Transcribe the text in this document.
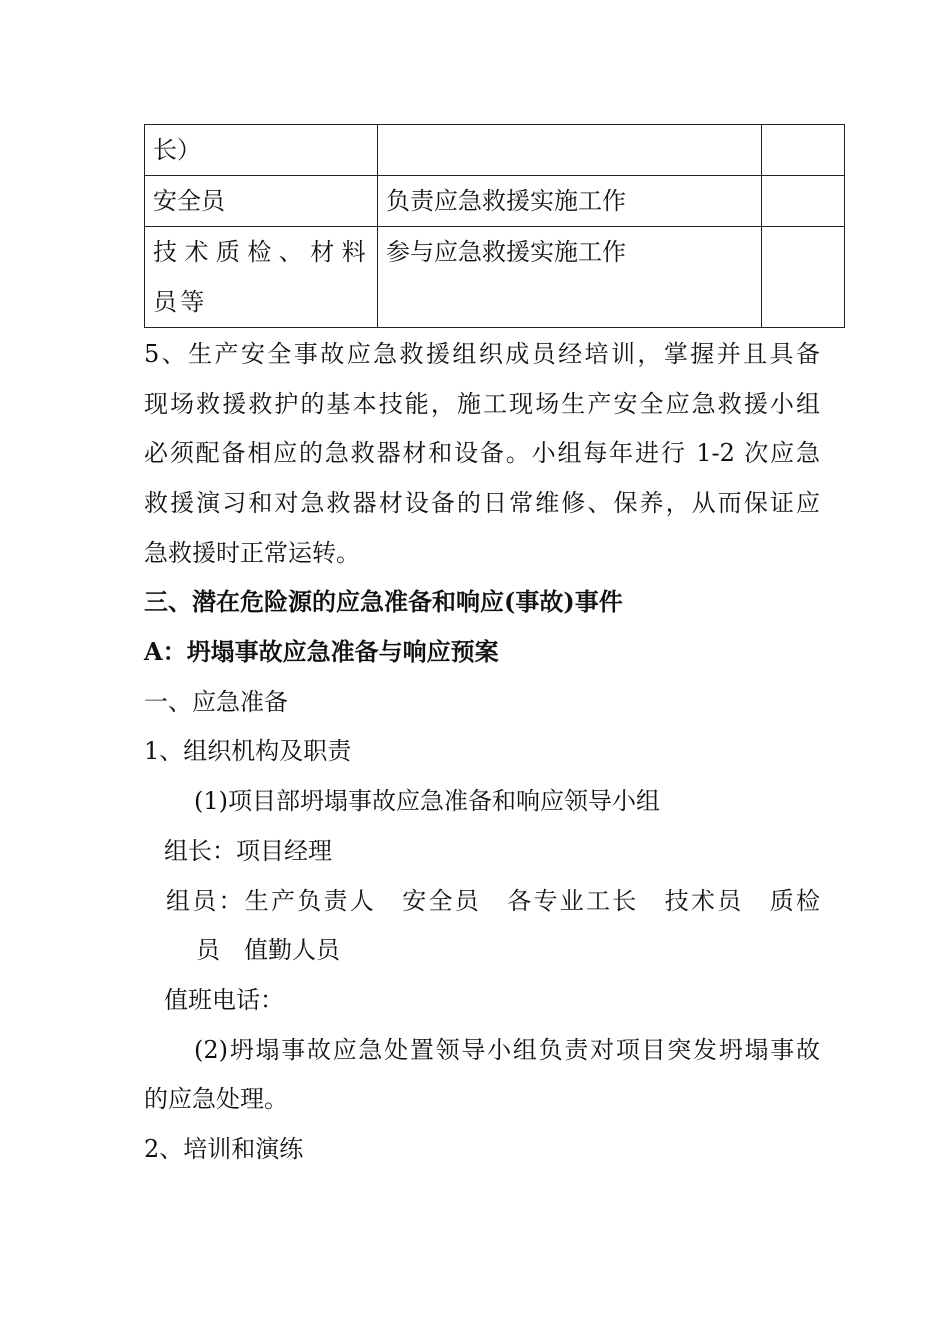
长）		
安全员	负责应急救援实施工作	

技术质检、材料员等	参与应急救援实施工作	
5、生产安全事故应急救援组织成员经培训，掌握并且具备
现场救援救护的基本技能，施工现场生产安全应急救援小组
必须配备相应的急救器材和设备。小组每年进行 1-2 次应急
救援演习和对急救器材设备的日常维修、保养，从而保证应
急救援时正常运转。
三、潜在危险源的应急准备和响应(事故)事件
A：坍塌事故应急准备与响应预案
一、应急准备
1、组织机构及职责
(1)项目部坍塌事故应急准备和响应领导小组
组长：项目经理
组员：生产负责人　安全员　各专业工长　技术员　质检
员　值勤人员
值班电话：
(2)坍塌事故应急处置领导小组负责对项目突发坍塌事故
的应急处理。
2、培训和演练
